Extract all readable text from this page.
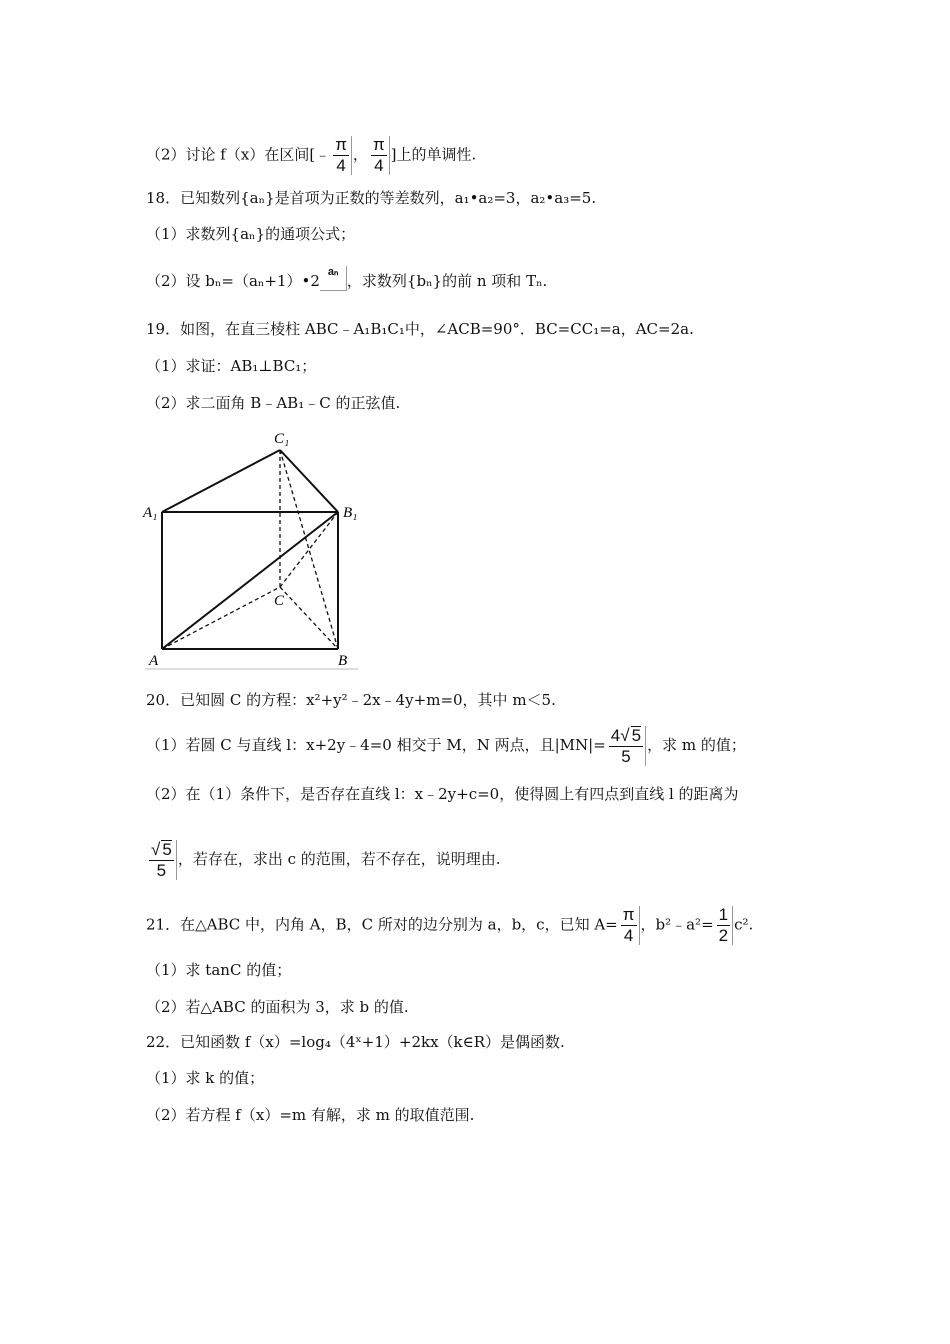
（2）讨论 f（x）在区间[﹣ $\frac{\pi}{4}$ ， $\frac{\pi}{4}$ ]上的单调性.
18．已知数列{aₙ}是首项为正数的等差数列，a₁•a₂=3，a₂•a₃=5.
（1）求数列{aₙ}的通项公式；
（2）设 bₙ=（aₙ+1）•2 aₙ ，求数列{bₙ}的前 n 项和 Tₙ.
19．如图，在直三棱柱 ABC﹣A₁B₁C₁中，∠ACB=90°．BC=CC₁=a，AC=2a.
（1）求证：AB₁⊥BC₁；
（2）求二面角 B﹣AB₁﹣C 的正弦值.
C₁
A₁	B₁
C
A	B
20．已知圆 C 的方程：x²+y²﹣2x﹣4y+m=0，其中 m＜5.
（1）若圆 C 与直线 l：x+2y﹣4=0 相交于 M，N 两点，且$|MN|= \frac{4√ 5}{5}$ ，求 m 的值；
（2）在（1）条件下，是否存在直线 l：x﹣2y+c=0，使得圆上有四点到直线 l 的距离为
$\frac{√ 5}{5}$ ，若存在，求出 c 的范围，若不存在，说明理由.
21．在△ABC 中，内角 A，B，C 所对的边分别为 a，b，c，已知 $A= \frac{\pi}{4}$ ，b²﹣a²= $\frac{1}{2} c^2$.
（1）求 tanC 的值；
（2）若△ABC 的面积为 3，求 b 的值.
22．已知函数 f（x）=log₄（4ˣ+1）+2kx（k∈R）是偶函数.
（1）求 k 的值；
（2）若方程 f（x）=m 有解，求 m 的取值范围.
